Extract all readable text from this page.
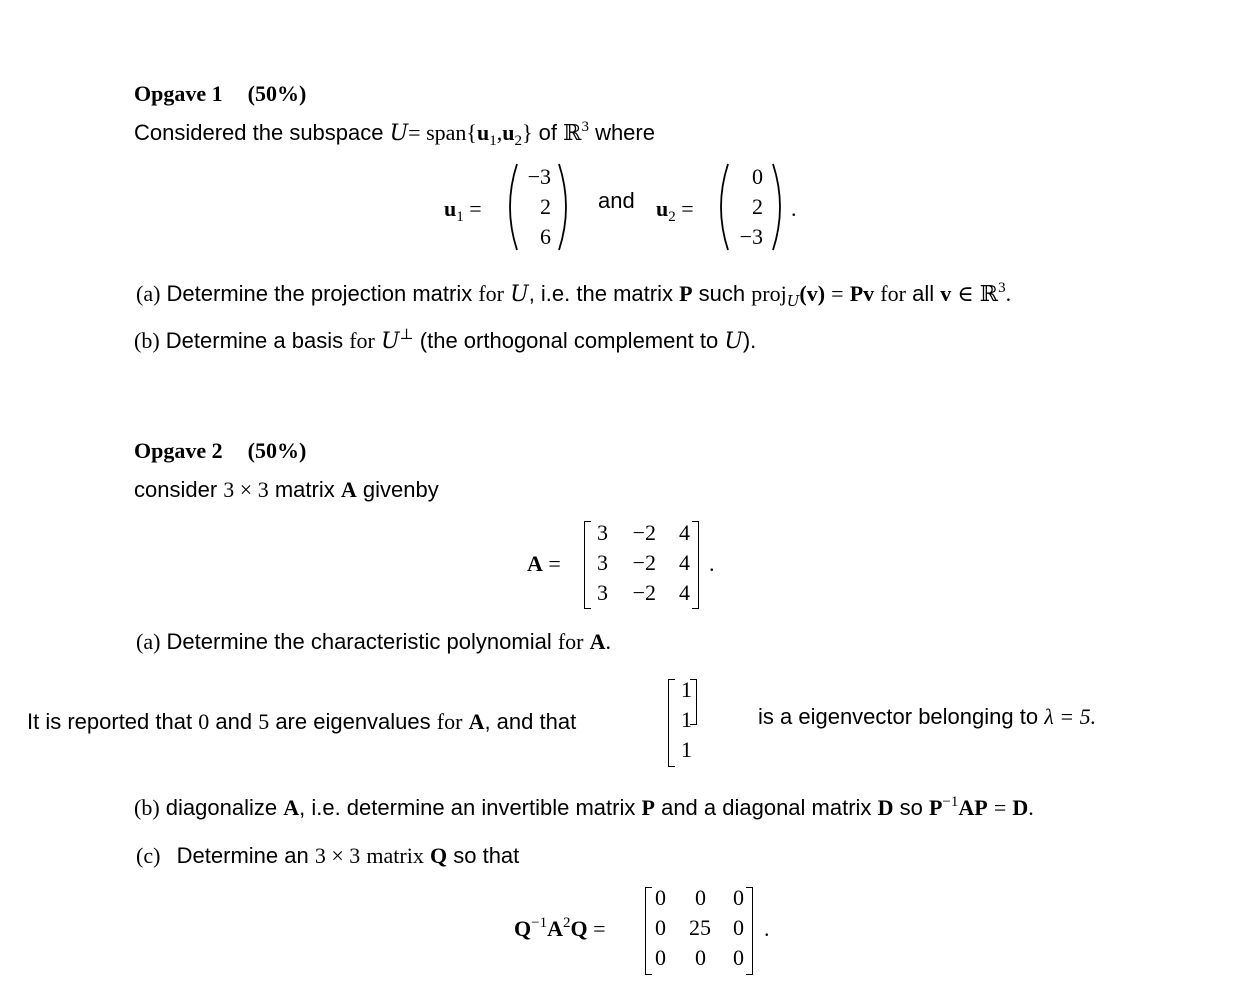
Opgave 1 (50%)
Considered the subspace $U= span\{u_1,u_2\}$ of ℝ$^3$ where
$u_1$ =
−3
2
6
and $u_2$ =
0
2
−3
.
(a) Determine the projection matrix for U, i.e. the matrix P such proj$_U$(v) = Pv for all v ∈ ℝ$^3$.
(b) Determine a basis for U⊥ (the orthogonal complement to U).
Opgave 2 (50%)
consider 3 × 3 matrix A givenby
A =
3	−2	4
3	−2	4
3	−2	4
.
(a) Determine the characteristic polynomial for A.
It is reported that 0 and 5 are eigenvalues for A, and that
1
1
1
is a eigenvector belonging to λ = 5.
(b) diagonalize A, i.e. determine an invertible matrix P and a diagonal matrix D so $P^{-1}AP = D$.
(c) Determine an 3 × 3 matrix Q so that
$Q^{-1}A^2Q$ =
0	0	0
0	25	0
0	0	0
.
